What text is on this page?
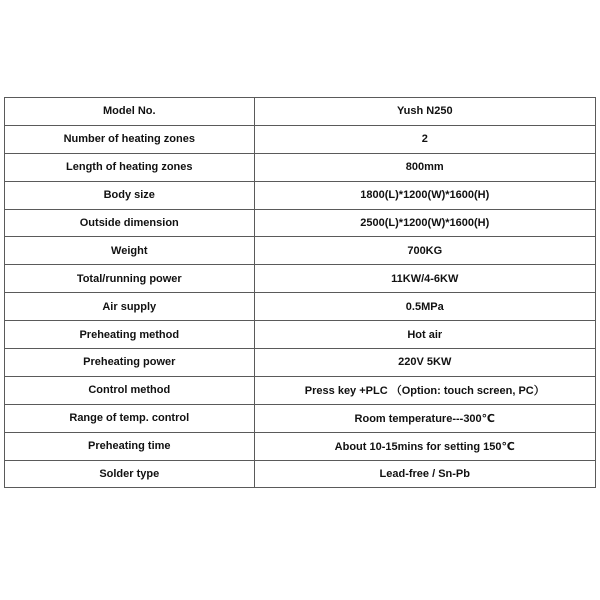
Model No.	Yush N250
Number of heating zones	2
Length of heating zones	800mm
Body size	1800(L)*1200(W)*1600(H)
Outside dimension	2500(L)*1200(W)*1600(H)
Weight	700KG
Total/running power	11KW/4-6KW
Air supply	0.5MPa
Preheating method	Hot air
Preheating power	220V 5KW
Control method	Press key +PLC （Option: touch screen, PC）
Range of temp. control	Room temperature---300℃
Preheating time	About 10-15mins for setting 150℃
Solder type	Lead-free / Sn-Pb
